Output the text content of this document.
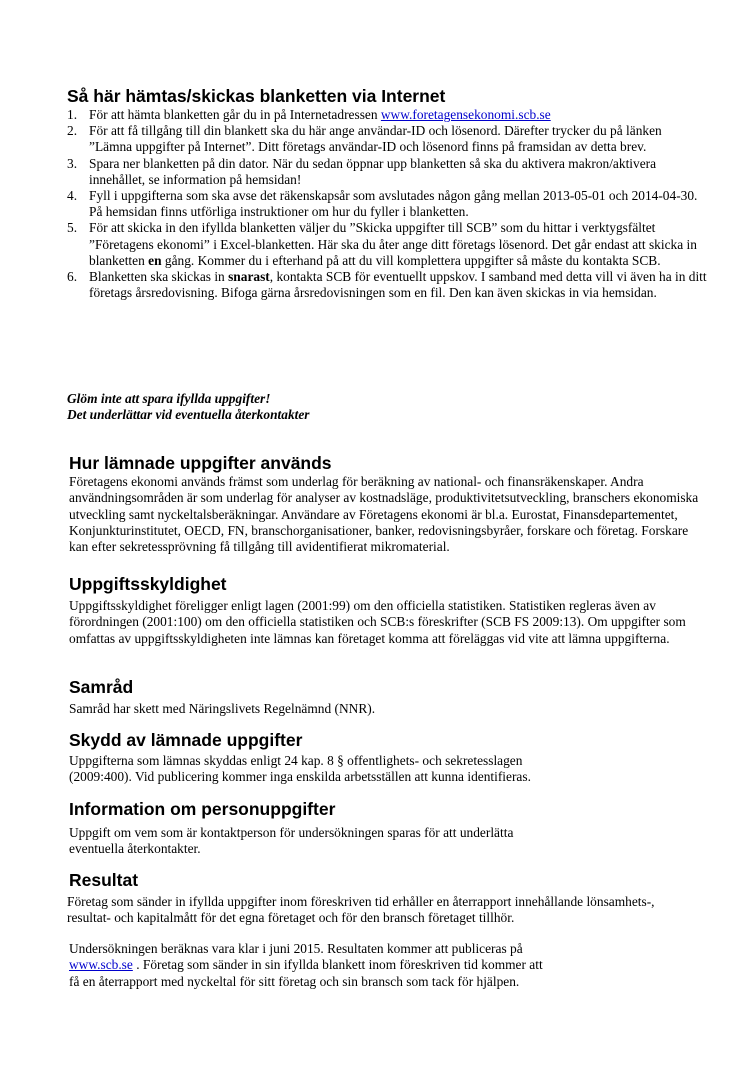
Så här hämtas/skickas blanketten via Internet
1. För att hämta blanketten går du in på Internetadressen www.foretagensekonomi.scb.se
2. För att få tillgång till din blankett ska du här ange användar-ID och lösenord. Därefter trycker du på länken ”Lämna uppgifter på Internet”. Ditt företags användar-ID och lösenord finns på framsidan av detta brev.
3. Spara ner blanketten på din dator. När du sedan öppnar upp blanketten så ska du aktivera makron/aktivera innehållet, se information på hemsidan!
4. Fyll i uppgifterna som ska avse det räkenskapsår som avslutades någon gång mellan 2013-05-01 och 2014-04-30. På hemsidan finns utförliga instruktioner om hur du fyller i blanketten.
5. För att skicka in den ifyllda blanketten väljer du ”Skicka uppgifter till SCB” som du hittar i verktygsfältet ”Företagens ekonomi” i Excel-blanketten. Här ska du åter ange ditt företags lösenord. Det går endast att skicka in blanketten en gång. Kommer du i efterhand på att du vill komplettera uppgifter så måste du kontakta SCB.
6. Blanketten ska skickas in snarast, kontakta SCB för eventuellt uppskov. I samband med detta vill vi även ha in ditt företags årsredovisning. Bifoga gärna årsredovisningen som en fil. Den kan även skickas in via hemsidan.

Glöm inte att spara ifyllda uppgifter!
Det underlättar vid eventuella återkontakter

Hur lämnade uppgifter används

Företagens ekonomi används främst som underlag för beräkning av national- och finansräkenskaper. Andra användningsområden är som underlag för analyser av kostnadsläge, produktivitetsutveckling, branschers ekonomiska utveckling samt nyckeltalsberäkningar. Användare av Företagens ekonomi är bl.a. Eurostat, Finansdepartementet, Konjunkturinstitutet, OECD, FN, branschorganisationer, banker, redovisningsbyråer, forskare och företag. Forskare kan efter sekretessprövning få tillgång till avidentifierat mikromaterial.

Uppgiftsskyldighet

Uppgiftsskyldighet föreligger enligt lagen (2001:99) om den officiella statistiken. Statistiken regleras även av förordningen (2001:100) om den officiella statistiken och SCB:s föreskrifter (SCB FS 2009:13). Om uppgifter som omfattas av uppgiftsskyldigheten inte lämnas kan företaget komma att föreläggas vid vite att lämna uppgifterna.

Samråd

Samråd har skett med Näringslivets Regelnämnd (NNR).

Skydd av lämnade uppgifter

Uppgifterna som lämnas skyddas enligt 24 kap. 8 § offentlighets- och sekretesslagen
(2009:400). Vid publicering kommer inga enskilda arbetsställen att kunna identifieras.

Information om personuppgifter

Uppgift om vem som är kontaktperson för undersökningen sparas för att underlätta
eventuella återkontakter.

Resultat

Företag som sänder in ifyllda uppgifter inom föreskriven tid erhåller en återrapport innehållande lönsamhets-,
resultat- och kapitalmått för det egna företaget och för den bransch företaget tillhör.

Undersökningen beräknas vara klar i juni 2015. Resultaten kommer att publiceras på
www.scb.se . Företag som sänder in sin ifyllda blankett inom föreskriven tid kommer att
få en återrapport med nyckeltal för sitt företag och sin bransch som tack för hjälpen.
